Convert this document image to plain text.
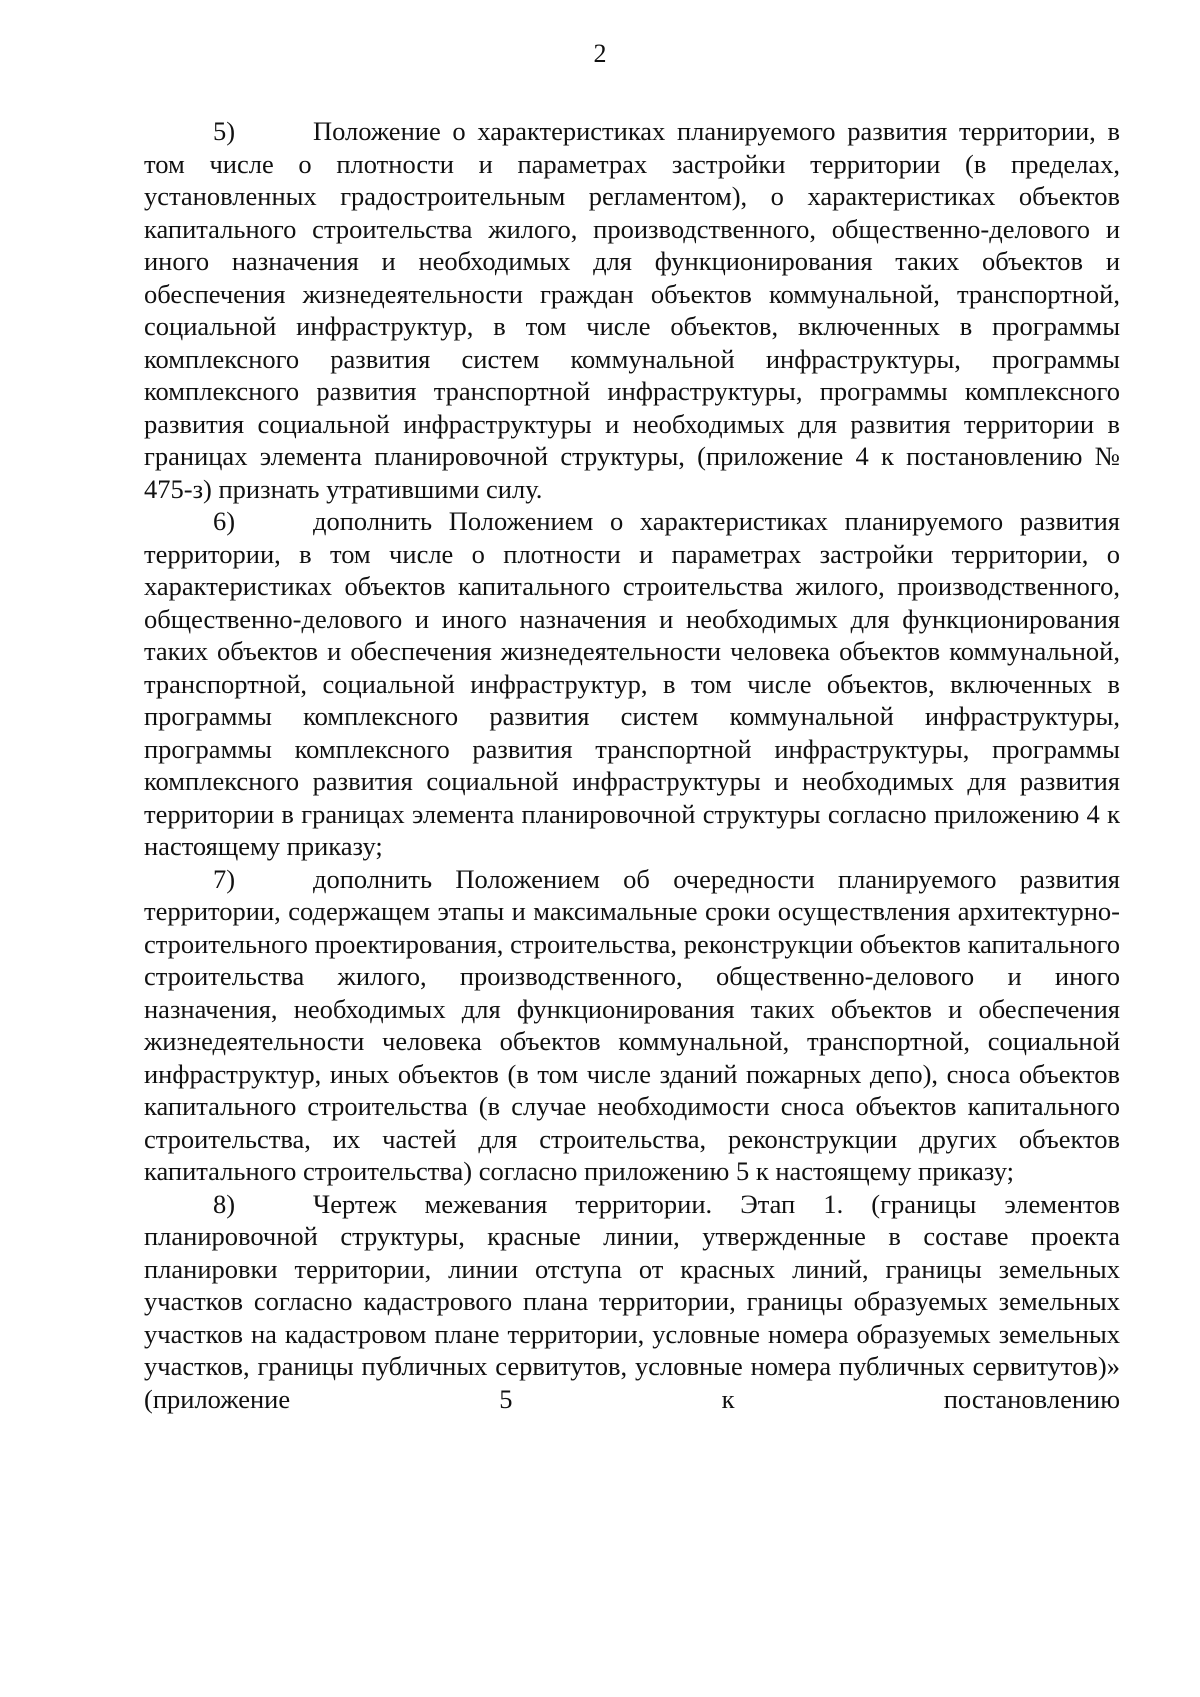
2

5)	Положение о характеристиках планируемого развития территории, в том числе о плотности и параметрах застройки территории (в пределах, установленных градостроительным регламентом), о характеристиках объектов капитального строительства жилого, производственного, общественно-делового и иного назначения и необходимых для функционирования таких объектов и обеспечения жизнедеятельности граждан объектов коммунальной, транспортной, социальной инфраструктур, в том числе объектов, включенных в программы комплексного развития систем коммунальной инфраструктуры, программы комплексного развития транспортной инфраструктуры, программы комплексного развития социальной инфраструктуры и необходимых для развития территории в границах элемента планировочной структуры, (приложение 4 к постановлению № 475-з) признать утратившими силу.

6)	дополнить Положением о характеристиках планируемого развития территории, в том числе о плотности и параметрах застройки территории, о характеристиках объектов капитального строительства жилого, производственного, общественно-делового и иного назначения и необходимых для функционирования таких объектов и обеспечения жизнедеятельности человека объектов коммунальной, транспортной, социальной инфраструктур, в том числе объектов, включенных в программы комплексного развития систем коммунальной инфраструктуры, программы комплексного развития транспортной инфраструктуры, программы комплексного развития социальной инфраструктуры и необходимых для развития территории в границах элемента планировочной структуры согласно приложению 4 к настоящему приказу;

7)	дополнить Положением об очередности планируемого развития территории, содержащем этапы и максимальные сроки осуществления архитектурно-строительного проектирования, строительства, реконструкции объектов капитального строительства жилого, производственного, общественно-делового и иного назначения, необходимых для функционирования таких объектов и обеспечения жизнедеятельности человека объектов коммунальной, транспортной, социальной инфраструктур, иных объектов (в том числе зданий пожарных депо), сноса объектов капитального строительства (в случае необходимости сноса объектов капитального строительства, их частей для строительства, реконструкции других объектов капитального строительства) согласно приложению 5 к настоящему приказу;

8)	Чертеж межевания территории. Этап 1. (границы элементов планировочной структуры, красные линии, утвержденные в составе проекта планировки территории, линии отступа от красных линий, границы земельных участков согласно кадастрового плана территории, границы образуемых земельных участков на кадастровом плане территории, условные номера образуемых земельных участков, границы публичных сервитутов, условные номера публичных сервитутов)» (приложение 5 к постановлению
